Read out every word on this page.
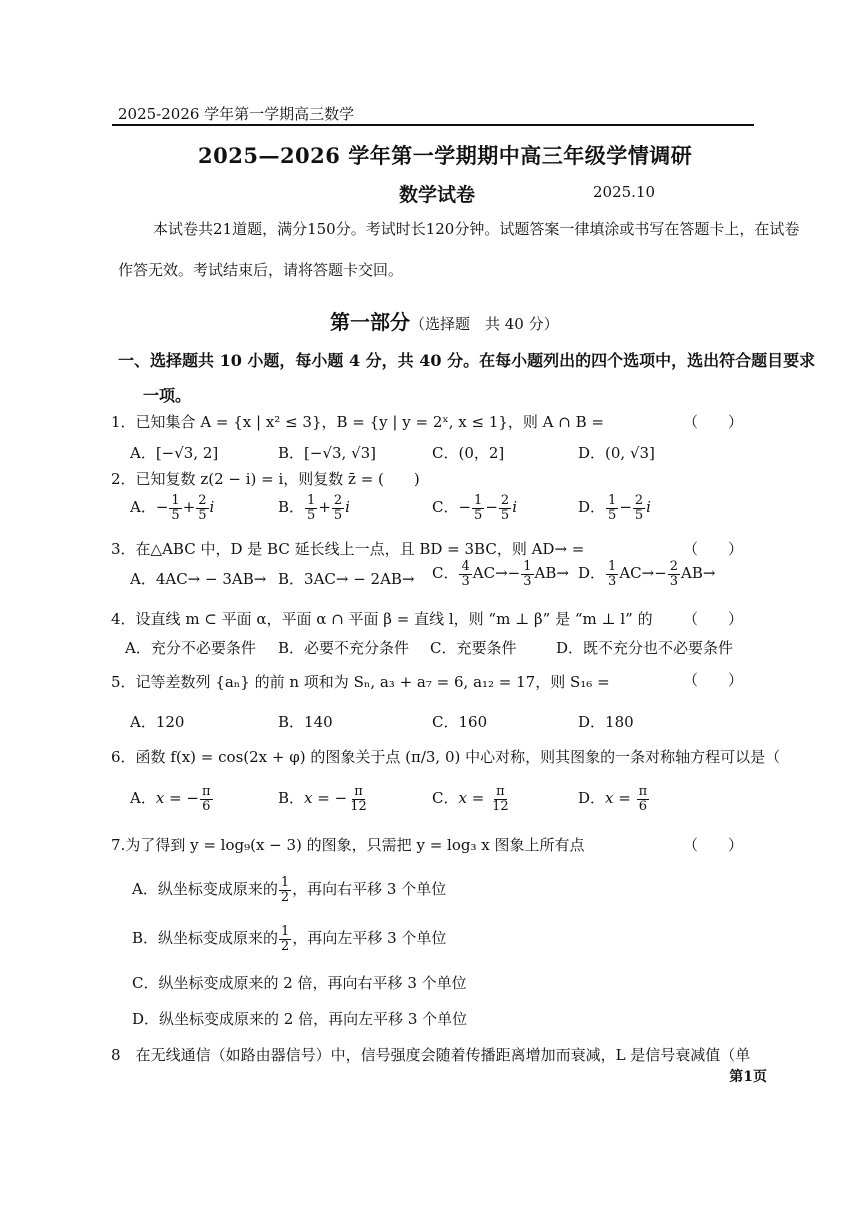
2025-2026 学年第一学期高三数学
2025—2026 学年第一学期期中高三年级学情调研
数学试卷	2025.10
本试卷共21道题，满分150分。考试时长120分钟。试题答案一律填涂或书写在答题卡上，在试卷
作答无效。考试结束后，请将答题卡交回。
第一部分（选择题　共 40 分）
一、选择题共 10 小题，每小题 4 分，共 40 分。在每小题列出的四个选项中，选出符合题目要求
一项。
1．已知集合 A = {x | x² ≤ 3}，B = {y | y = 2ˣ, x ≤ 1}，则 A ∩ B =	（　　）
A．[−√3, 2]	B．[−√3, √3]	C．(0，2]	D．(0, √3]
2．已知复数 z(2 − i) = i，则复数 z̄ = (　　)
A．− $\frac{1}{5} + \frac{2}{5}$ i	B． $\frac{1}{5} + \frac{2}{5}$ i	C．− $\frac{1}{5} - \frac{2}{5}$ i	D． $\frac{1}{5} - \frac{2}{5}$ i
3．在△ABC 中，D 是 BC 延长线上一点，且 BD = 3BC，则 AD→ =	（　　）
A．4AC→ − 3AB→ B．3AC→ − 2AB→ C． $\frac{4}{3} AC\to- \frac{1}{3} AB\to D$． $\frac{1}{3} AC\to- \frac{2}{3} AB\to$
4．设直线 m ⊂ 平面 α，平面 α ∩ 平面 β = 直线 l，则 “m ⊥ β” 是 “m ⊥ l” 的 （　　）
A．充分不必要条件 B．必要不充分条件 C．充要条件	D．既不充分也不必要条件
5．记等差数列 {aₙ} 的前 n 项和为 Sₙ, a₃ + a₇ = 6, a₁₂ = 17，则 S₁₆ =	（　　）
A．120	B．140	C．160	D．180
6．函数 f(x) = cos(2x + φ) 的图象关于点 (π/3, 0) 中心对称，则其图象的一条对称轴方程可以是（
A．x = − $\frac{\pi}{6}$	B．x = − $\frac{\pi}{12}$	C．$x = \frac{\pi}{12}$	D．$x = \frac{\pi}{6}$
7.为了得到 y = log₉(x − 3) 的图象，只需把 y = log₃ x 图象上所有点	（　　）
A．纵坐标变成原来的 $\frac{1}{2}$ ，再向右平移 3 个单位
B．纵坐标变成原来的 $\frac{1}{2}$ ，再向左平移 3 个单位
C．纵坐标变成原来的 2 倍，再向右平移 3 个单位
D．纵坐标变成原来的 2 倍，再向左平移 3 个单位
8　 在无线通信（如路由器信号）中，信号强度会随着传播距离增加而衰减，L 是信号衰减值（单
第1页
